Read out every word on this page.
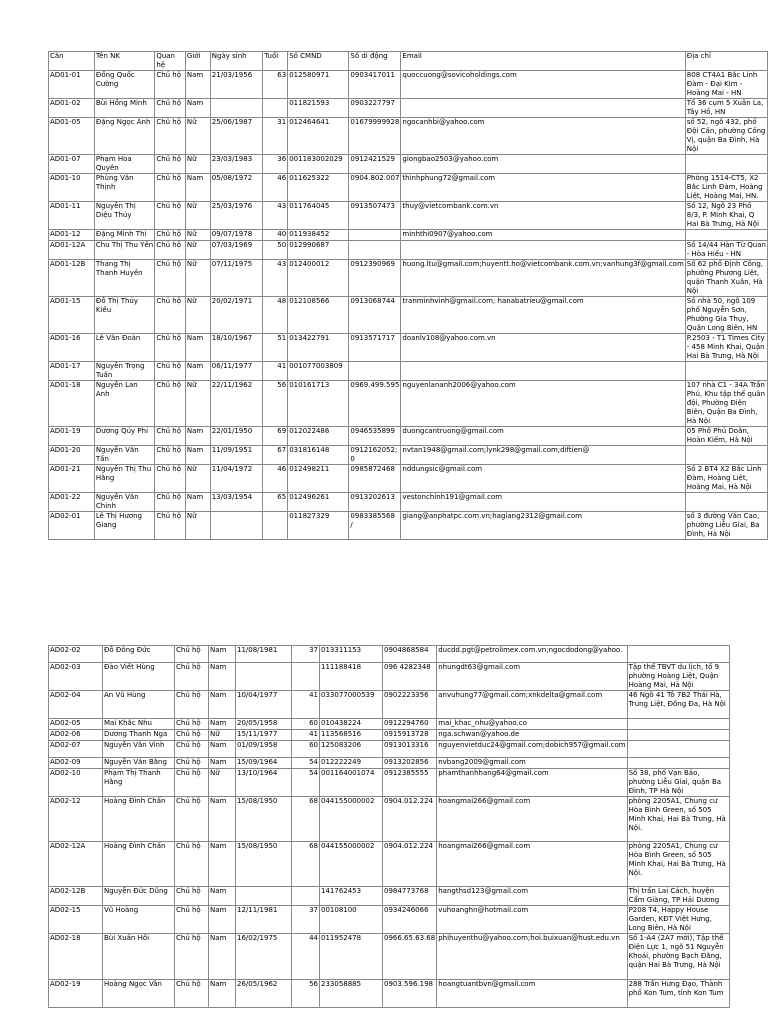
Căn	Tên NK	Quan hệ	Giới	Ngày sinh	Tuổi	Số CMND	Số di động	Email	Địa chỉ
AD01-01	Đồng Quốc Cường	Chủ hộ	Nam	21/03/1956	63	012580971	0903417011	quoccuong@sovicoholdings.com	808 CT4A1 Bắc Linh Đàm - Đại Kim - Hoàng Mai - HN
AD01-02	Bùi Hồng Minh	Chủ hộ	Nam			011821593	0903227797		Tổ 36 cụm 5 Xuân La, Tây Hồ, HN
AD01-05	Đặng Ngọc Ánh	Chủ hộ	Nữ	25/06/1987	31	012464641	01679999928	ngocanhbi@yahoo.com	số 52, ngõ 432, phố Đội Cấn, phường Cống Vị, quận Ba Đình, Hà Nội
AD01-07	Phạm Hoa Quyên	Chủ hộ	Nữ	23/03/1983	36	001183002029	0912421529	giongbao2503@yahoo.com	
AD01-10	Phùng Văn Thịnh	Chủ hộ	Nam	05/08/1972	46	011625322	0904.802.007	thinhphung72@gmail.com	Phòng 1514-CT5, X2 Bắc Linh Đàm, Hoàng Liệt, Hoàng Mai, HN.
AD01-11	Nguyễn Thị Diệu Thúy	Chủ hộ	Nữ	25/03/1976	43	011764045	0913507473	thuy@vietcombank.com.vn	Số 12, Ngõ 23 Phố 8/3, P. Minh Khai, Q Hai Bà Trưng, Hà Nội
AD01-12	Đặng Minh Thi	Chủ hộ	Nữ	09/07/1978	40	011938452		minhthi0907@yahoo.com	
AD01-12A	Chu Thị Thu Yến	Chủ hộ	Nữ	07/03/1969	50	012990687			Số 14/44 Hàn Từ Quan - Hòa Hiếu - HN
AD01-12B	Thang Thị Thanh Huyền	Chủ hộ	Nữ	07/11/1975	43	012400012	0912390969	huong.ltu@gmail.com;huyentt.ho@vietcombank.com.vn;vanhung3f@gmail.com	Số 62 phố Định Công, phường Phương Liệt, quận Thanh Xuân, Hà Nội
AD01-15	Đỗ Thị Thúy Kiều	Chủ hộ	Nữ	20/02/1971	48	012108566	0913068744	tranminhvinh@gmail.com; hanabatrieu@gmail.com	Số nhà 50, ngõ 109 phố Nguyễn Sơn, Phường Gia Thụy, Quận Long Biên, HN
AD01-16	Lê Văn Đoàn	Chủ hộ	Nam	18/10/1967	51	013422791	0913571717	doanlv108@yahoo.com.vn	P.2503 - T1 Times City - 458 Minh Khai, Quận Hai Bà Trưng, Hà Nội
AD01-17	Nguyễn Trọng Tuấn	Chủ hộ	Nam	06/11/1977	41	001077003809			
AD01-18	Nguyễn Lan Anh	Chủ hộ	Nữ	22/11/1962	56	010161713	0969.499.595	nguyenlananh2006@yahoo.com	107 nhà C1 - 34A Trần Phú, Khu tập thể quân đội, Phường Điện Biên, Quận Ba Đình, Hà Nội
AD01-19	Dương Qúy Phi	Chủ hộ	Nam	22/01/1950	69	012022486	0946535899	duongcantruong@gmail.com	05 Phố Phủ Doãn, Hoàn Kiếm, Hà Nội
AD01-20	Nguyễn Văn Tấn	Chủ hộ	Nam	11/09/1951	67	031816148	0912162052; 0	nvtan1948@gmail.com;lynk298@gmail.com;diftien@	
AD01-21	Nguyễn Thị Thu Hằng	Chủ hộ	Nữ	11/04/1972	46	012498211	0985872468	nddungsic@gmail.com	Số 2 BT4 X2 Bắc Linh Đàm, Hoàng Liệt, Hoàng Mai, Hà Nội
AD01-22	Nguyễn Văn Chinh	Chủ hộ	Nam	13/03/1954	65	012496261	0913202613	vestonchinh191@gmail.com	
AD02-01	Lê Thị Hương Giang	Chủ hộ	Nữ			011827329	0983385568 /	giang@anphatpc.com.vn;hagiang2312@gmail.com	số 3 đường Văn Cao, phường Liễu Giai, Ba Đình, Hà Nội
AD02-02	Đỗ Đông Đức	Chủ hộ	Nam	11/08/1981	37	013311153	0904868584	ducdd.pgt@petrolimex.com.vn;ngocdodong@yahoo.	
AD02-03	Đào Viết Hùng	Chủ hộ	Nam			111188418	096 4282348	nhungdt63@gmail.com	Tập thể TBVT du lịch, tổ 9 phường Hoàng Liệt, Quận Hoàng Mai, Hà Nội
AD02-04	An Vũ Hùng	Chủ hộ	Nam	10/04/1977	41	033077000539	0902223356	anvuhung77@gmail.com;xnkdelta@gmail.com	46 Ngõ 41 Tô 7B2 Thái Hà, Trung Liệt, Đống Đa, Hà Nội
AD02-05	Mai Khắc Nhu	Chủ hộ	Nam	20/05/1958	60	010438224	0912294760	mai_khac_nhu@yahoo.co	
AD02-06	Dương Thanh Nga	Chủ hộ	Nữ	15/11/1977	41	113568516	0915913728	nga.schwan@yahoo.de	
AD02-07	Nguyễn Văn Vinh	Chủ hộ	Nam	01/09/1958	60	125083206	0913013316	nguyenvietduc24@gmail.com;dobich957@gmail.com	
AD02-09	Nguyễn Văn Bằng	Chủ hộ	Nam	15/09/1964	54	012222249	0913202856	nvbang2009@gmail.com	
AD02-10	Phạm Thị Thanh Hằng	Chủ hộ	Nữ	13/10/1964	54	001164001074	0912385555	phamthanhhang64@gmail.com	Số 38, phố Vạn Bảo, phường Liễu Giai, quận Ba Đình, TP Hà Nội
AD02-12	Hoàng Đình Chấn	Chủ hộ	Nam	15/08/1950	68	044155000002	0904.012.224	hoangmai266@gmail.com	phòng 2205A1, Chung cư Hòa Bình Green, số 505 Minh Khai, Hai Bà Trưng, Hà Nội.
AD02-12A	Hoàng Đình Chấn	Chủ hộ	Nam	15/08/1950	68	044155000002	0904.012.224	hoangmai266@gmail.com	phòng 2205A1, Chung cư Hòa Bình Green, số 505 Minh Khai, Hai Bà Trưng, Hà Nội.
AD02-12B	Nguyễn Đức Dũng	Chủ hộ	Nam			141762453	0984773768	hangthsd123@gmail.com	Thị trấn Lai Cách, huyện Cẩm Giàng, TP Hải Dương
AD02-15	Vũ Hoàng	Chủ hộ	Nam	12/11/1981	37	00108100	0934246066	vuhoanghn@hotmail.com	P208 T4, Happy House Garden, KĐT Việt Hưng, Long Biên, Hà Nội
AD02-18	Bùi Xuân Hồi	Chủ hộ	Nam	16/02/1975	44	011952478	0966.65.63.68	phihuyenthu@yahoo.com;hoi.buixuan@hust.edu.vn	Số 1-A4 (2A7 mới), Tập thể Điện Lực 1, ngõ 51 Nguyễn Khoái, phường Bạch Đằng, quận Hai Bà Trưng, Hà Nội
AD02-19	Hoàng Ngọc Vân	Chủ hộ	Nam	26/05/1962	56	233058885	0903.596.198	hoangtuantbvn@gmail.com	288 Trần Hưng Đạo, Thành phố Kon Tum, tỉnh Kon Tum
